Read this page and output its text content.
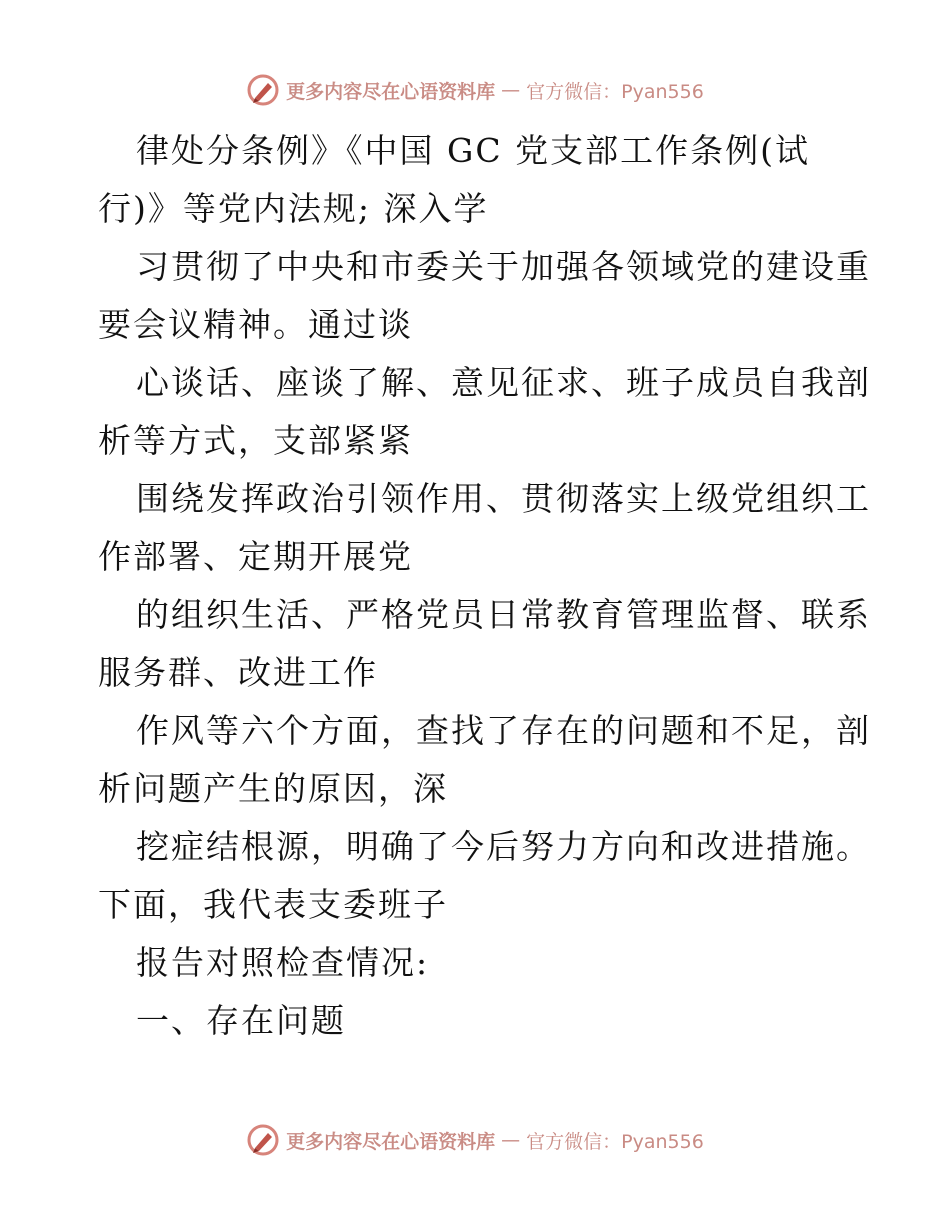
更多内容尽在心语资料库 — 官方微信：Pyan556
律处分条例》《中国 GC 党支部工作条例(试
行)》等党内法规; 深入学
习贯彻了中央和市委关于加强各领域党的建设重
要会议精神。通过谈
心谈话、座谈了解、意见征求、班子成员自我剖
析等方式，支部紧紧
围绕发挥政治引领作用、贯彻落实上级党组织工
作部署、定期开展党
的组织生活、严格党员日常教育管理监督、联系
服务群、改进工作
作风等六个方面，查找了存在的问题和不足，剖
析问题产生的原因，深
挖症结根源，明确了今后努力方向和改进措施。
下面，我代表支委班子
报告对照检查情况:
一、存在问题
更多内容尽在心语资料库 — 官方微信：Pyan556
